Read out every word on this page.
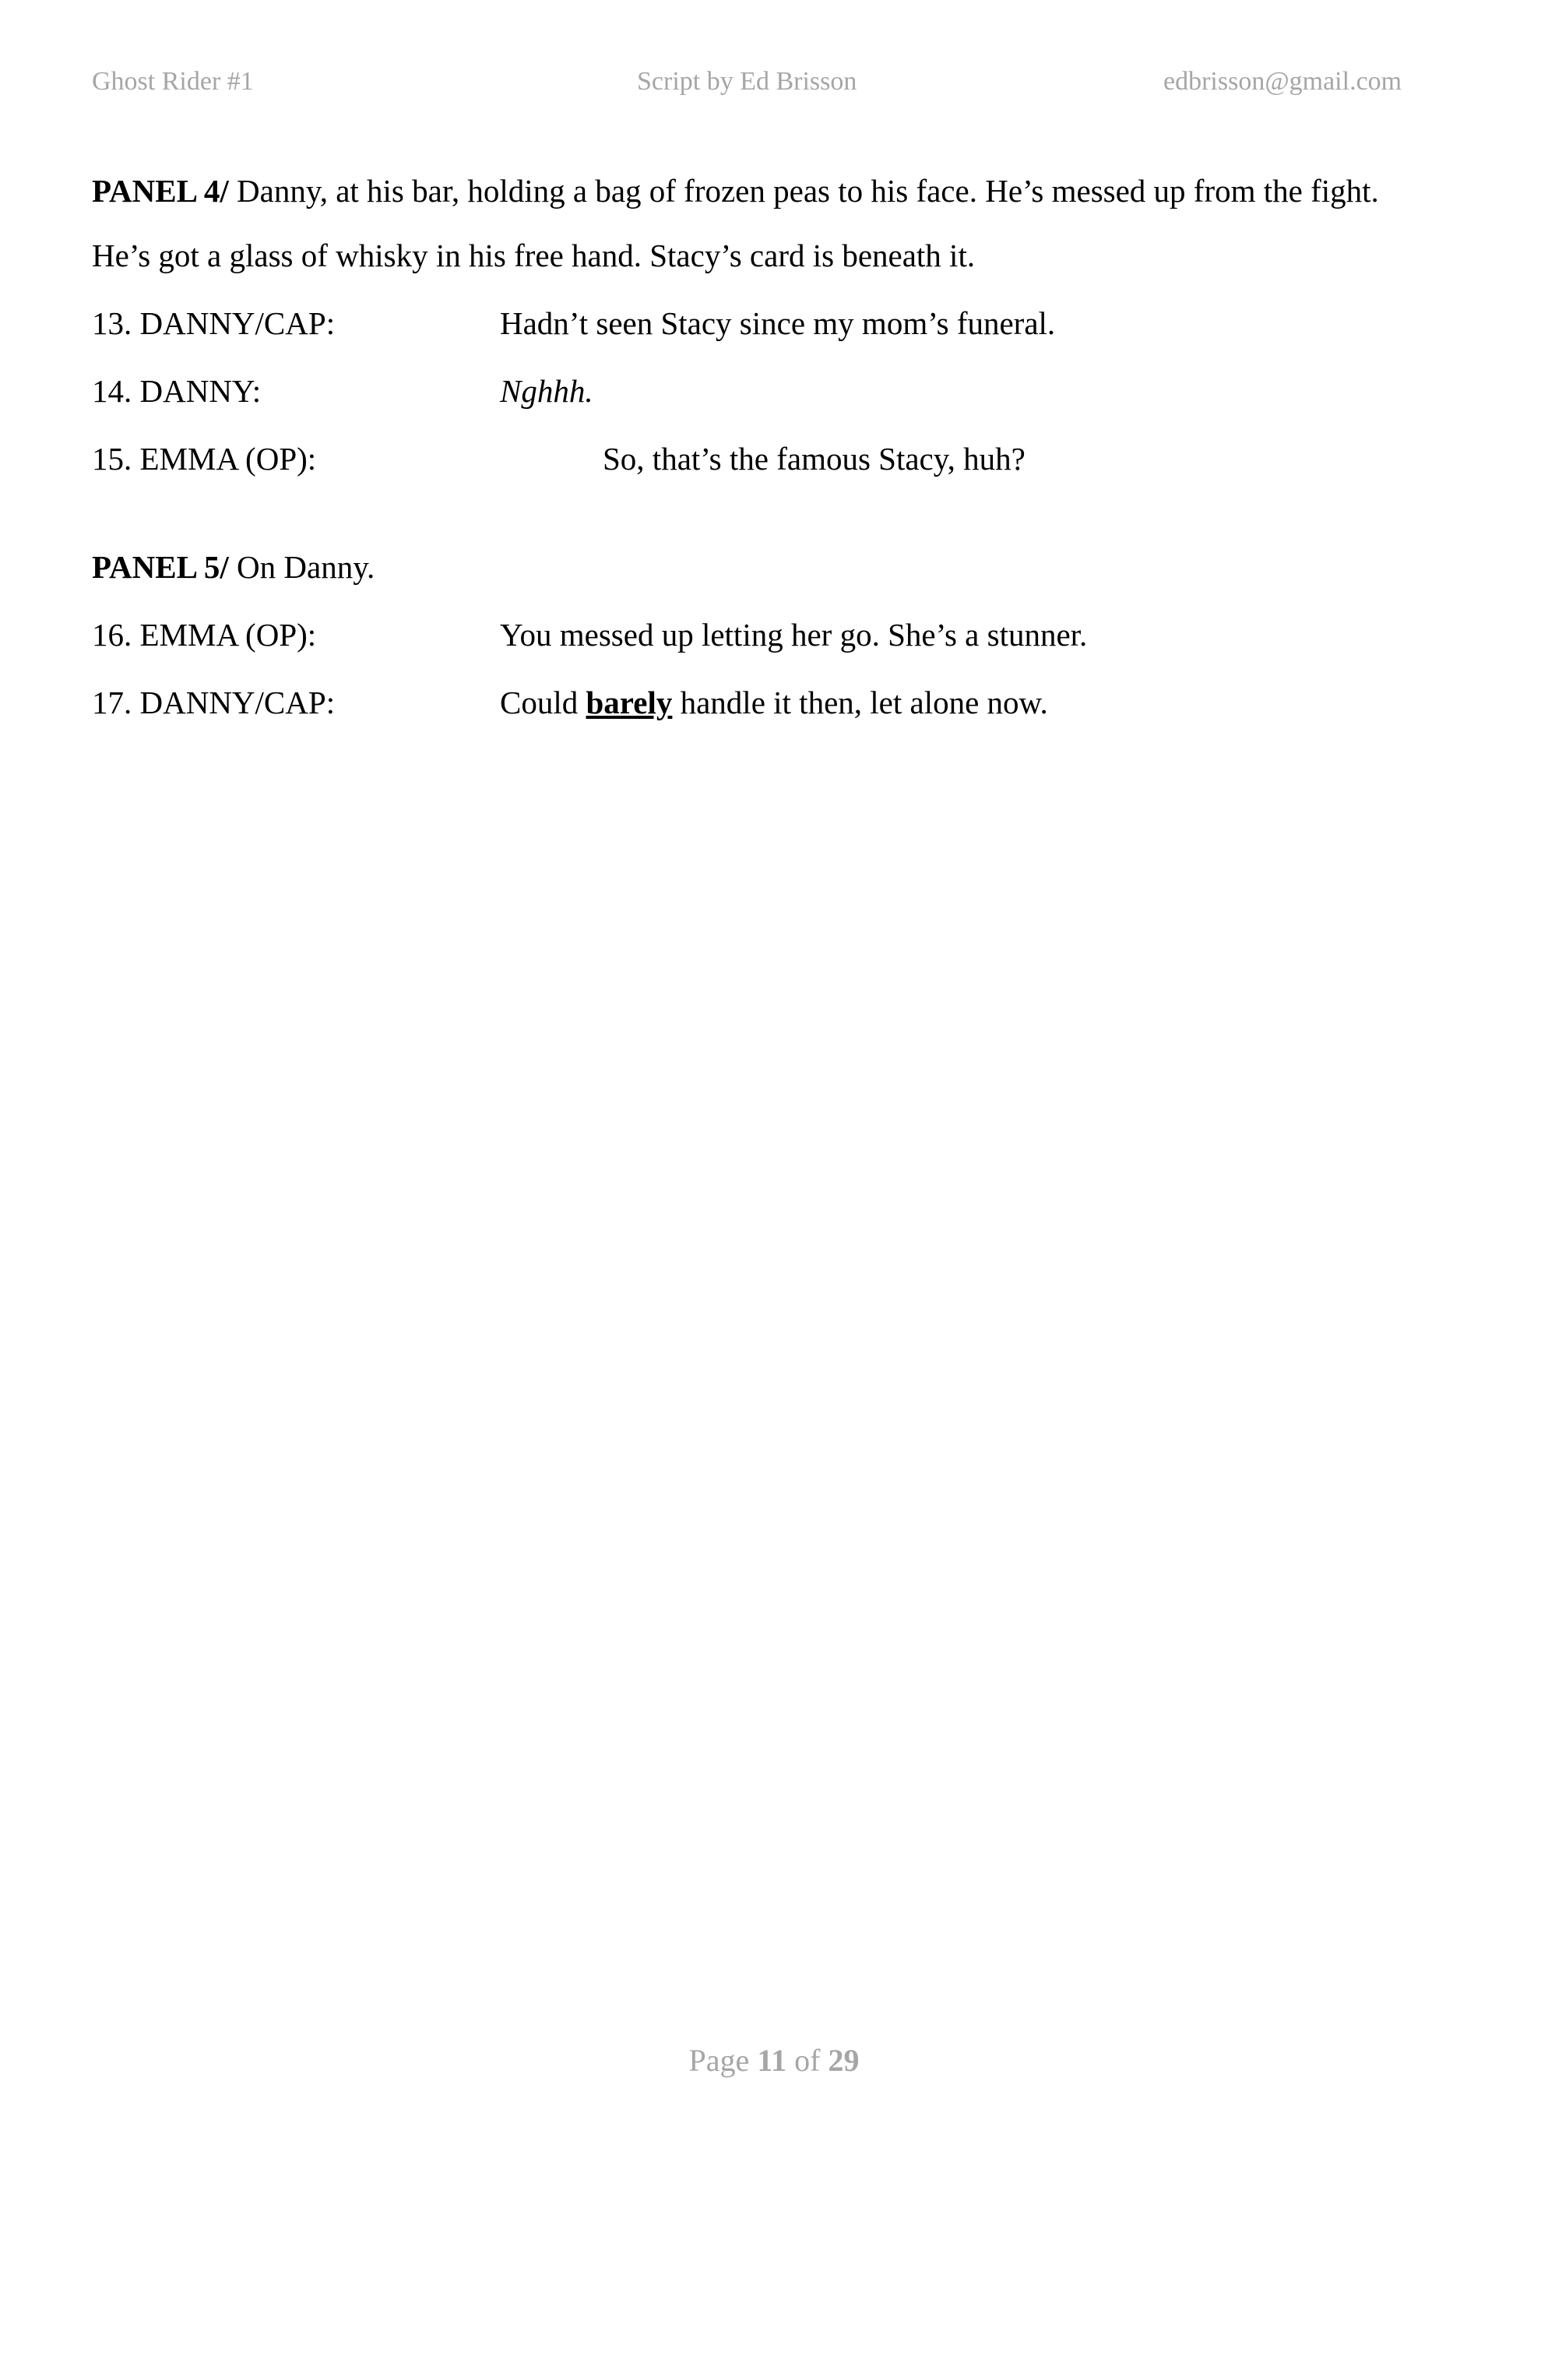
Ghost Rider #1	Script by Ed Brisson	edbrisson@gmail.com

PANEL 4/ Danny, at his bar, holding a bag of frozen peas to his face. He’s messed up from the fight.

He’s got a glass of whisky in his free hand. Stacy’s card is beneath it.

13. DANNY/CAP:	Hadn’t seen Stacy since my mom’s funeral.
14. DANNY:	Nghhh.
15. EMMA (OP):	So, that’s the famous Stacy, huh?

PANEL 5/ On Danny.

16. EMMA (OP):	You messed up letting her go. She’s a stunner.
17. DANNY/CAP:	Could barely handle it then, let alone now.
Page 11 of 29
